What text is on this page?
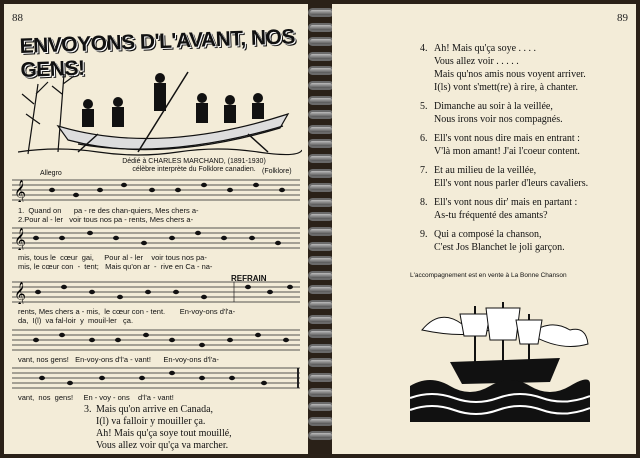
88
ENVOYONS D'L'AVANT, NOS GENS!
Dédié à CHARLES MARCHAND, (1891-1930)
célèbre interprète du Folklore canadien.
Allegro	(Folklore)
𝄞
1.  Quand on      pa - re des chan-quiers, Mes chers a-
2.Pour al - ler   voir tous nos pa - rents, Mes chers a-
𝄞
mis, tous le  cœur  gai,     Pour al - ler    voir tous nos pa-
mis, le cœur con  -  tent;   Mais qu'on ar  -  rive en Ca - na-
REFRAIN
𝄞
rents, Mes chers a - mis,  le cœur con - tent.       En-voy-ons d'l'a-
da,  I(l)  va fal-loir  y  mouil-ler   ça.
vant, nos gens!   En-voy-ons d'l'a - vant!      En-voy-ons d'l'a-
vant,  nos  gens!     En - voy - ons    d'l'a - vant!
3. Mais qu'on arrive en Canada,
I(l) va falloir y mouiller ça.
Ah! Mais qu'ça soye tout mouillé,
Vous allez voir qu'ça va marcher.
89
4. Ah! Mais qu'ça soye . . . .
Vous allez voir . . . . .
Mais qu'nos amis nous voyent arriver.
I(ls) vont s'mett(re) à rire, à chanter.
5. Dimanche au soir à la veillée,
Nous irons voir nos compagnés.
6. Ell's vont nous dire mais en entrant :
V'là mon amant! J'ai l'coeur content.
7. Et au milieu de la veillée,
Ell's vont nous parler d'leurs cavaliers.
8. Ell's vont nous dir' mais en partant :
As-tu fréquenté des amants?
9. Qui a composé la chanson,
C'est Jos Blanchet le joli garçon.
L'accompagnement est en vente à La Bonne Chanson
